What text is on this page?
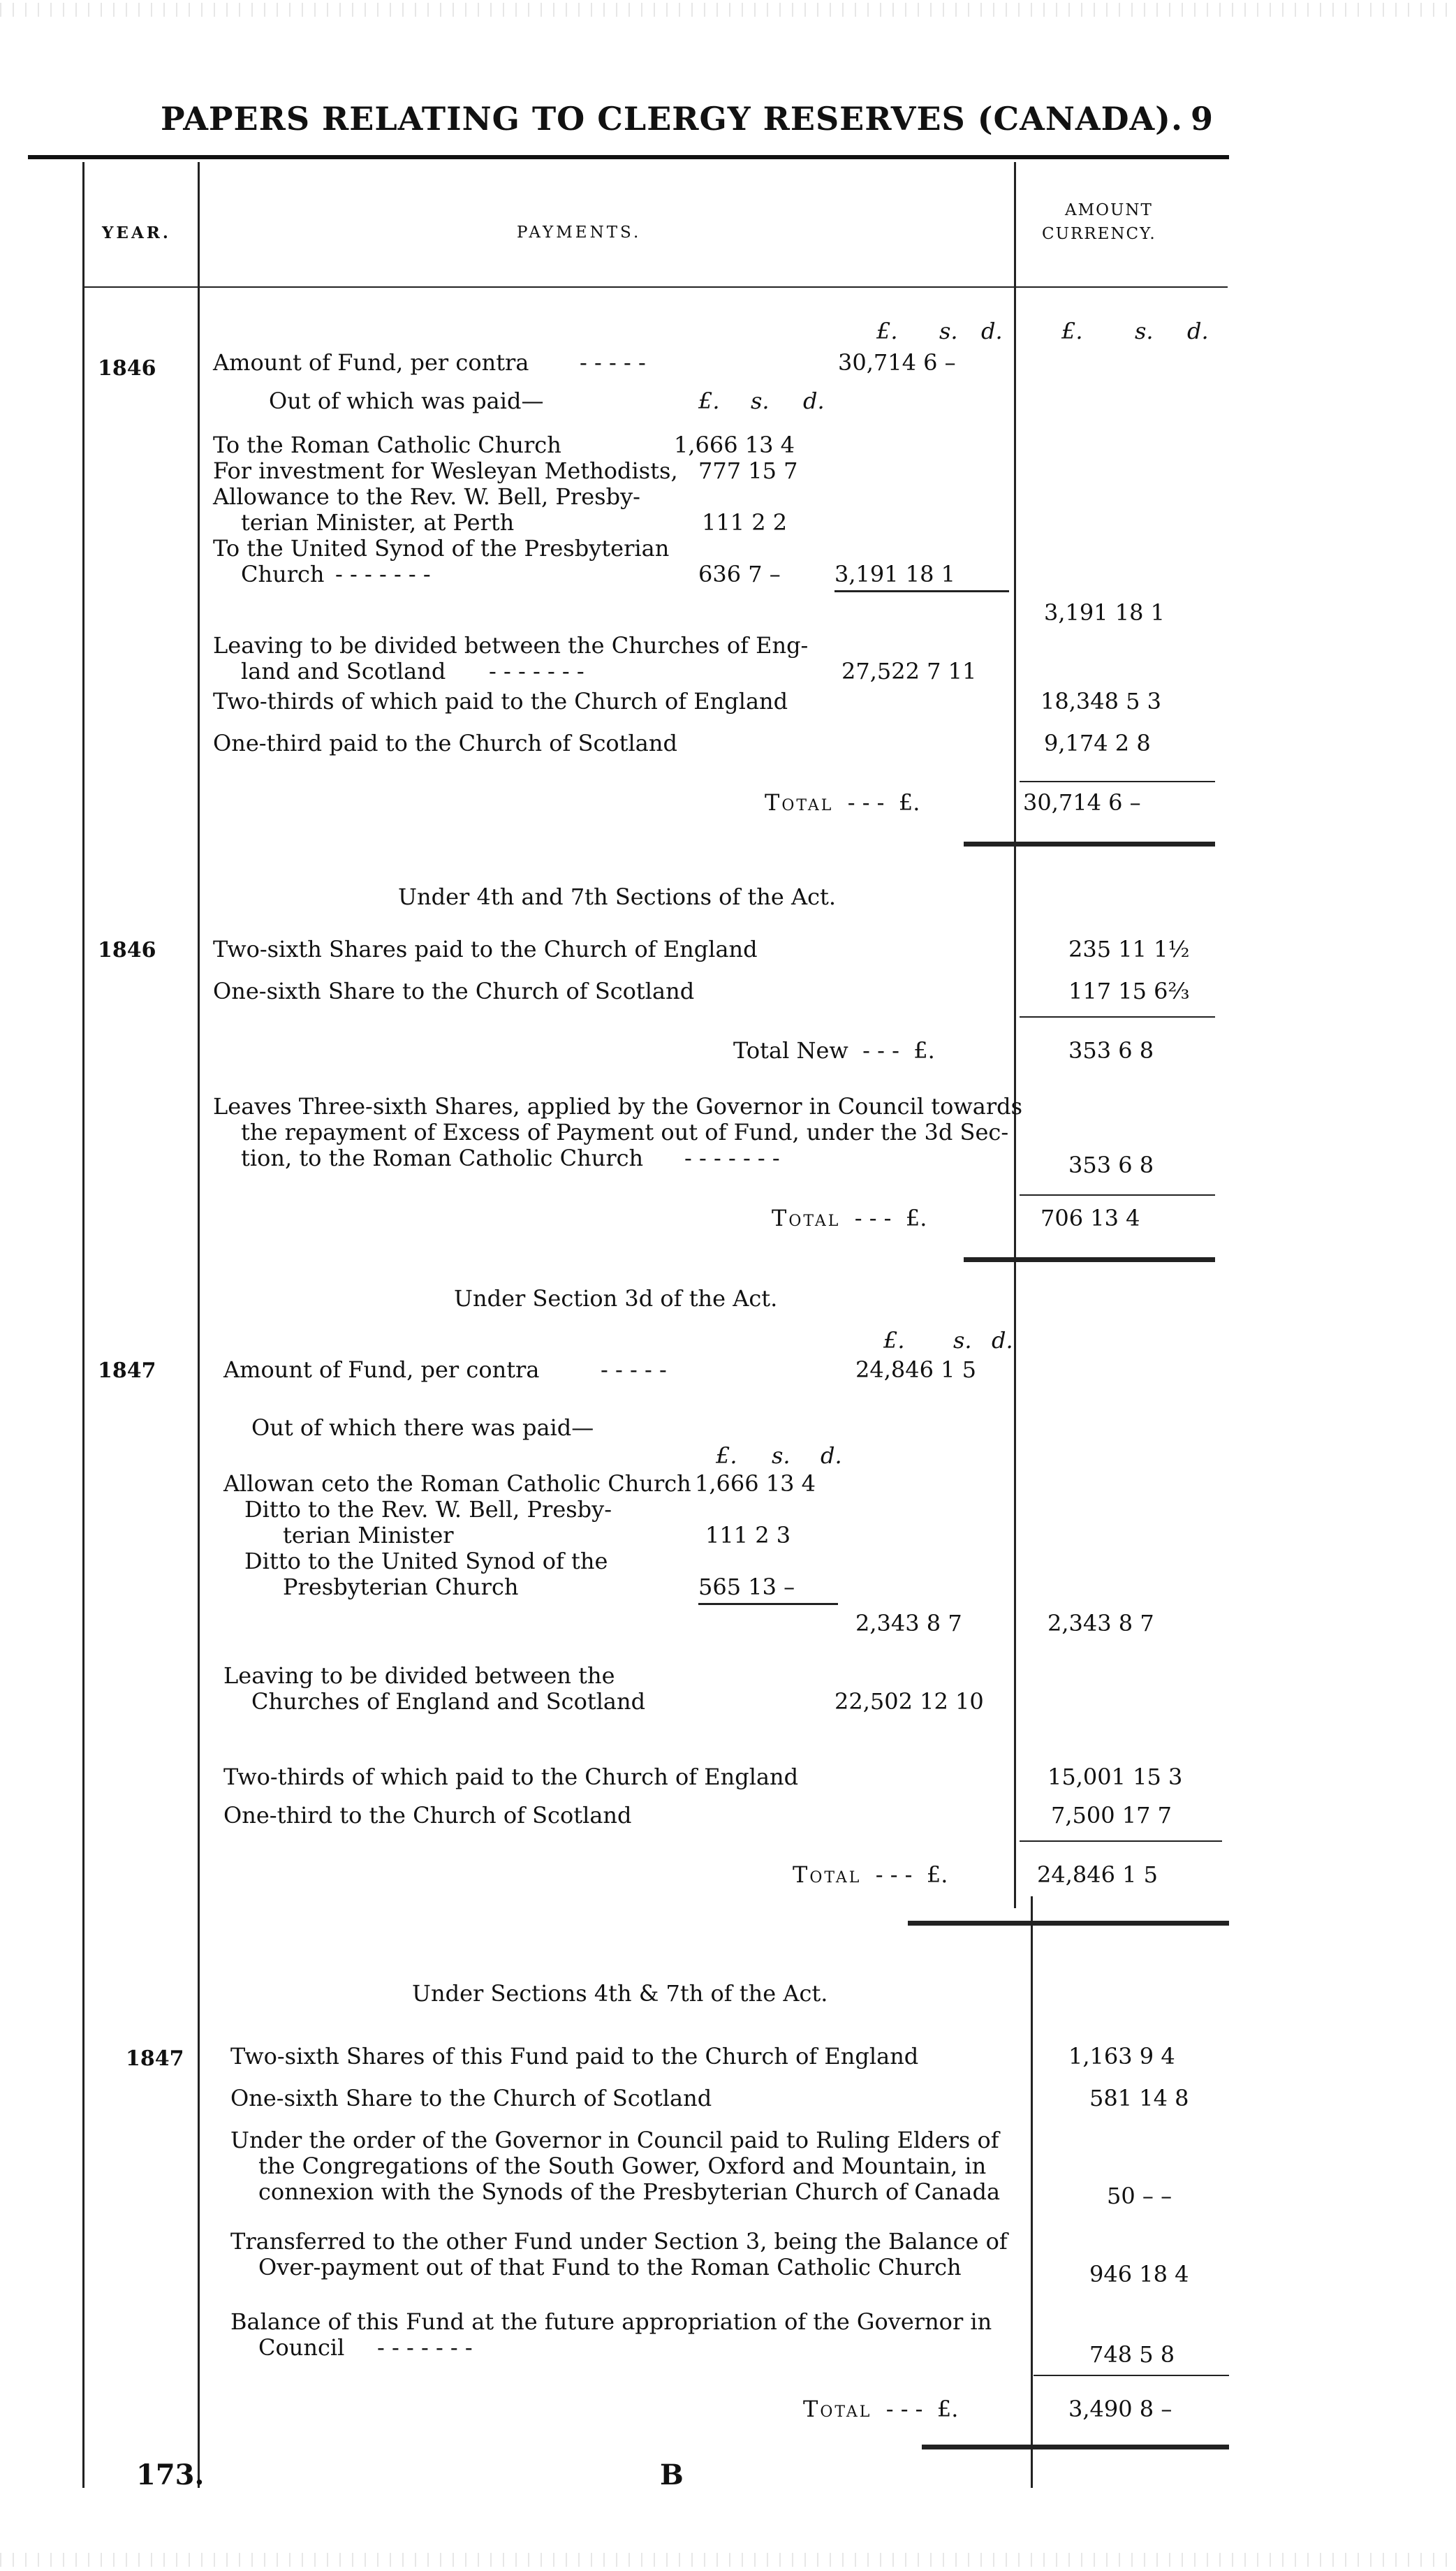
PAPERS RELATING TO CLERGY RESERVES (CANADA). 9
YEAR.	PAYMENTS.
AMOUNT
CURRENCY.
£. s. d.	£. s. d.
1846	Amount of Fund, per contra - - - - -	30,714 6 –
Out of which was paid—	£. s. d.
To the Roman Catholic Church	1,666 13 4
For investment for Wesleyan Methodists, 777 15 7
Allowance to the Rev. W. Bell, Presby-
terian Minister, at Perth	111 2 2
To the United Synod of the Presbyterian
Church - - - - - - -	636 7 – 3,191 18 1
3,191 18 1
Leaving to be divided between the Churches of Eng-
land and Scotland - - - - - - -	27,522 7 11
Two-thirds of which paid to the Church of England	18,348 5 3
One-third paid to the Church of Scotland	9,174 2 8
Total - - - £.	30,714 6 –
Under 4th and 7th Sections of the Act.
1846	Two-sixth Shares paid to the Church of England	235 11 1½
One-sixth Share to the Church of Scotland	117 15 6⅔
Total New - - - £.	353 6 8
Leaves Three-sixth Shares, applied by the Governor in Council towards
the repayment of Excess of Payment out of Fund, under the 3d Sec-
tion, to the Roman Catholic Church - - - - - - -	353 6 8
Total - - - £.	706 13 4
Under Section 3d of the Act.
£. s. d.
1847	Amount of Fund, per contra	- - - - -	24,846 1 5
Out of which there was paid—
£. s. d.
Allowan ceto the Roman Catholic Church 1,666 13 4
Ditto to the Rev. W. Bell, Presby-
terian Minister	111 2 3
Ditto to the United Synod of the
Presbyterian Church	565 13 –
2,343 8 7	2,343 8 7
Leaving to be divided between the
Churches of England and Scotland	22,502 12 10
Two-thirds of which paid to the Church of England	15,001 15 3
One-third to the Church of Scotland	7,500 17 7
Total - - - £.	24,846 1 5
Under Sections 4th & 7th of the Act.
1847 Two-sixth Shares of this Fund paid to the Church of England	1,163 9 4
One-sixth Share to the Church of Scotland	581 14 8
Under the order of the Governor in Council paid to Ruling Elders of
the Congregations of the South Gower, Oxford and Mountain, in
connexion with the Synods of the Presbyterian Church of Canada	50 – –
Transferred to the other Fund under Section 3, being the Balance of
Over-payment out of that Fund to the Roman Catholic Church	946 18 4
Balance of this Fund at the future appropriation of the Governor in
Council - - - - - - -	748 5 8
Total - - - £.	3,490 8 –
173.	B
